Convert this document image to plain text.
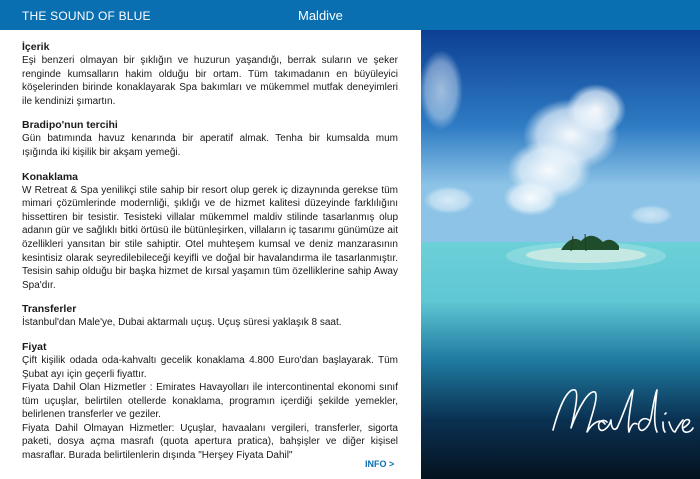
THE SOUND OF BLUE	Maldive
İçerik

Eşi benzeri olmayan bir şıklığın ve huzurun yaşandığı, berrak suların ve şeker renginde kumsalların hakim olduğu bir ortam. Tüm takımadanın en büyüleyici köşelerinden birinde konaklayarak Spa bakımları ve mükemmel mutfak deneyimleri ile kendinizi şımartın.

Bradipo'nun tercihi

Gün batımında havuz kenarında bir aperatif almak. Tenha bir kumsalda mum ışığında iki kişilik bir akşam yemeği.

Konaklama

W Retreat & Spa yenilikçi stile sahip bir resort olup gerek iç dizaynında gerekse tüm mimari çözümlerinde modernliği, şıklığı ve de hizmet kalitesi düzeyinde farklılığını hissettiren bir tesistir. Tesisteki villalar mükemmel maldiv stilinde tasarlanmış olup adanın gür ve sağlıklı bitki örtüsü ile bütünleşirken, villaların iç tasarımı günümüze ait özellikleri yansıtan bir stile sahiptir. Otel muhteşem kumsal ve deniz manzarasının kesintisiz olarak seyredilebileceği keyifli ve doğal bir havalandırma ile tasarlanmıştır. Tesisin sahip olduğu bir başka hizmet de kırsal yaşamın tüm özelliklerine sahip Away Spa'dır.

Transferler

İstanbul'dan Male'ye, Dubai aktarmalı uçuş. Uçuş süresi yaklaşık 8 saat.

Fiyat

Çift kişilik odada oda-kahvaltı gecelik konaklama 4.800 Euro'dan başlayarak. Tüm Şubat ayı için geçerli fiyattır.

Fiyata Dahil Olan Hizmetler : Emirates Havayolları ile intercontinental ekonomi sınıf tüm uçuşlar, belirtilen otellerde konaklama, programın içerdiği şekilde yemekler, belirlenen transferler ve geziler.

Fiyata Dahil Olmayan Hizmetler: Uçuşlar, havaalanı vergileri, transferler, sigorta paketi, dosya açma masrafı (quota apertura pratica), bahşişler ve diğer kişisel masraflar. Burada belirtilenlerin dışında "Herşey Fiyata Dahil"

INFO >
